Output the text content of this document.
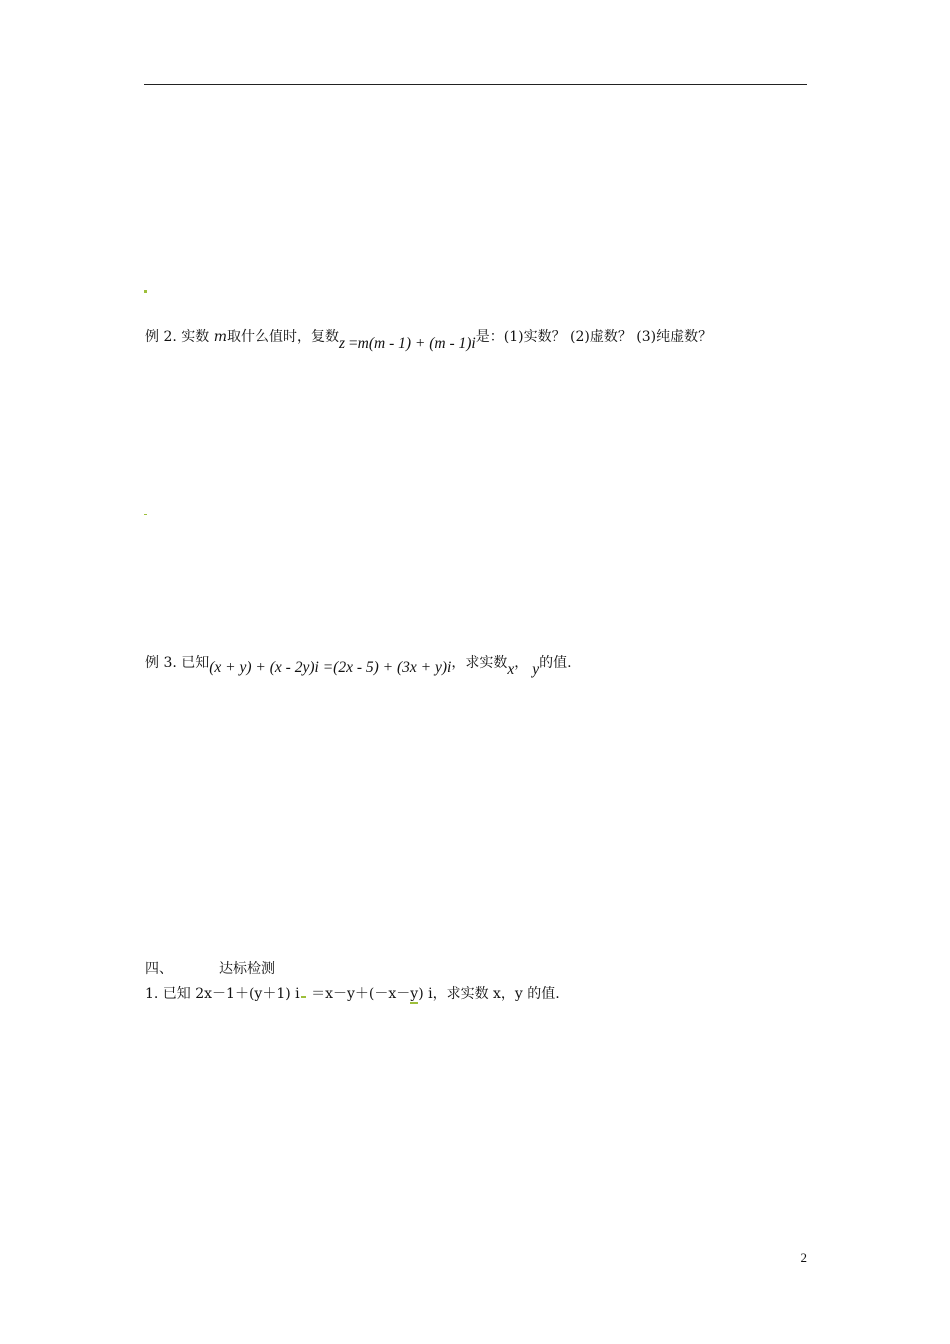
例 2. 实数 m取什么值时，复数z =m(m - 1) + (m - 1)i是：(1)实数？ (2)虚数？ (3)纯虚数？
例 3. 已知(x + y) + (x - 2y)i =(2x - 5) + (3x + y)i，求实数x， y的值.
四、	达标检测
1. 已知 2x－1＋(y＋1) i ＝x－y＋(－x－y) i，求实数 x，y 的值.
2
